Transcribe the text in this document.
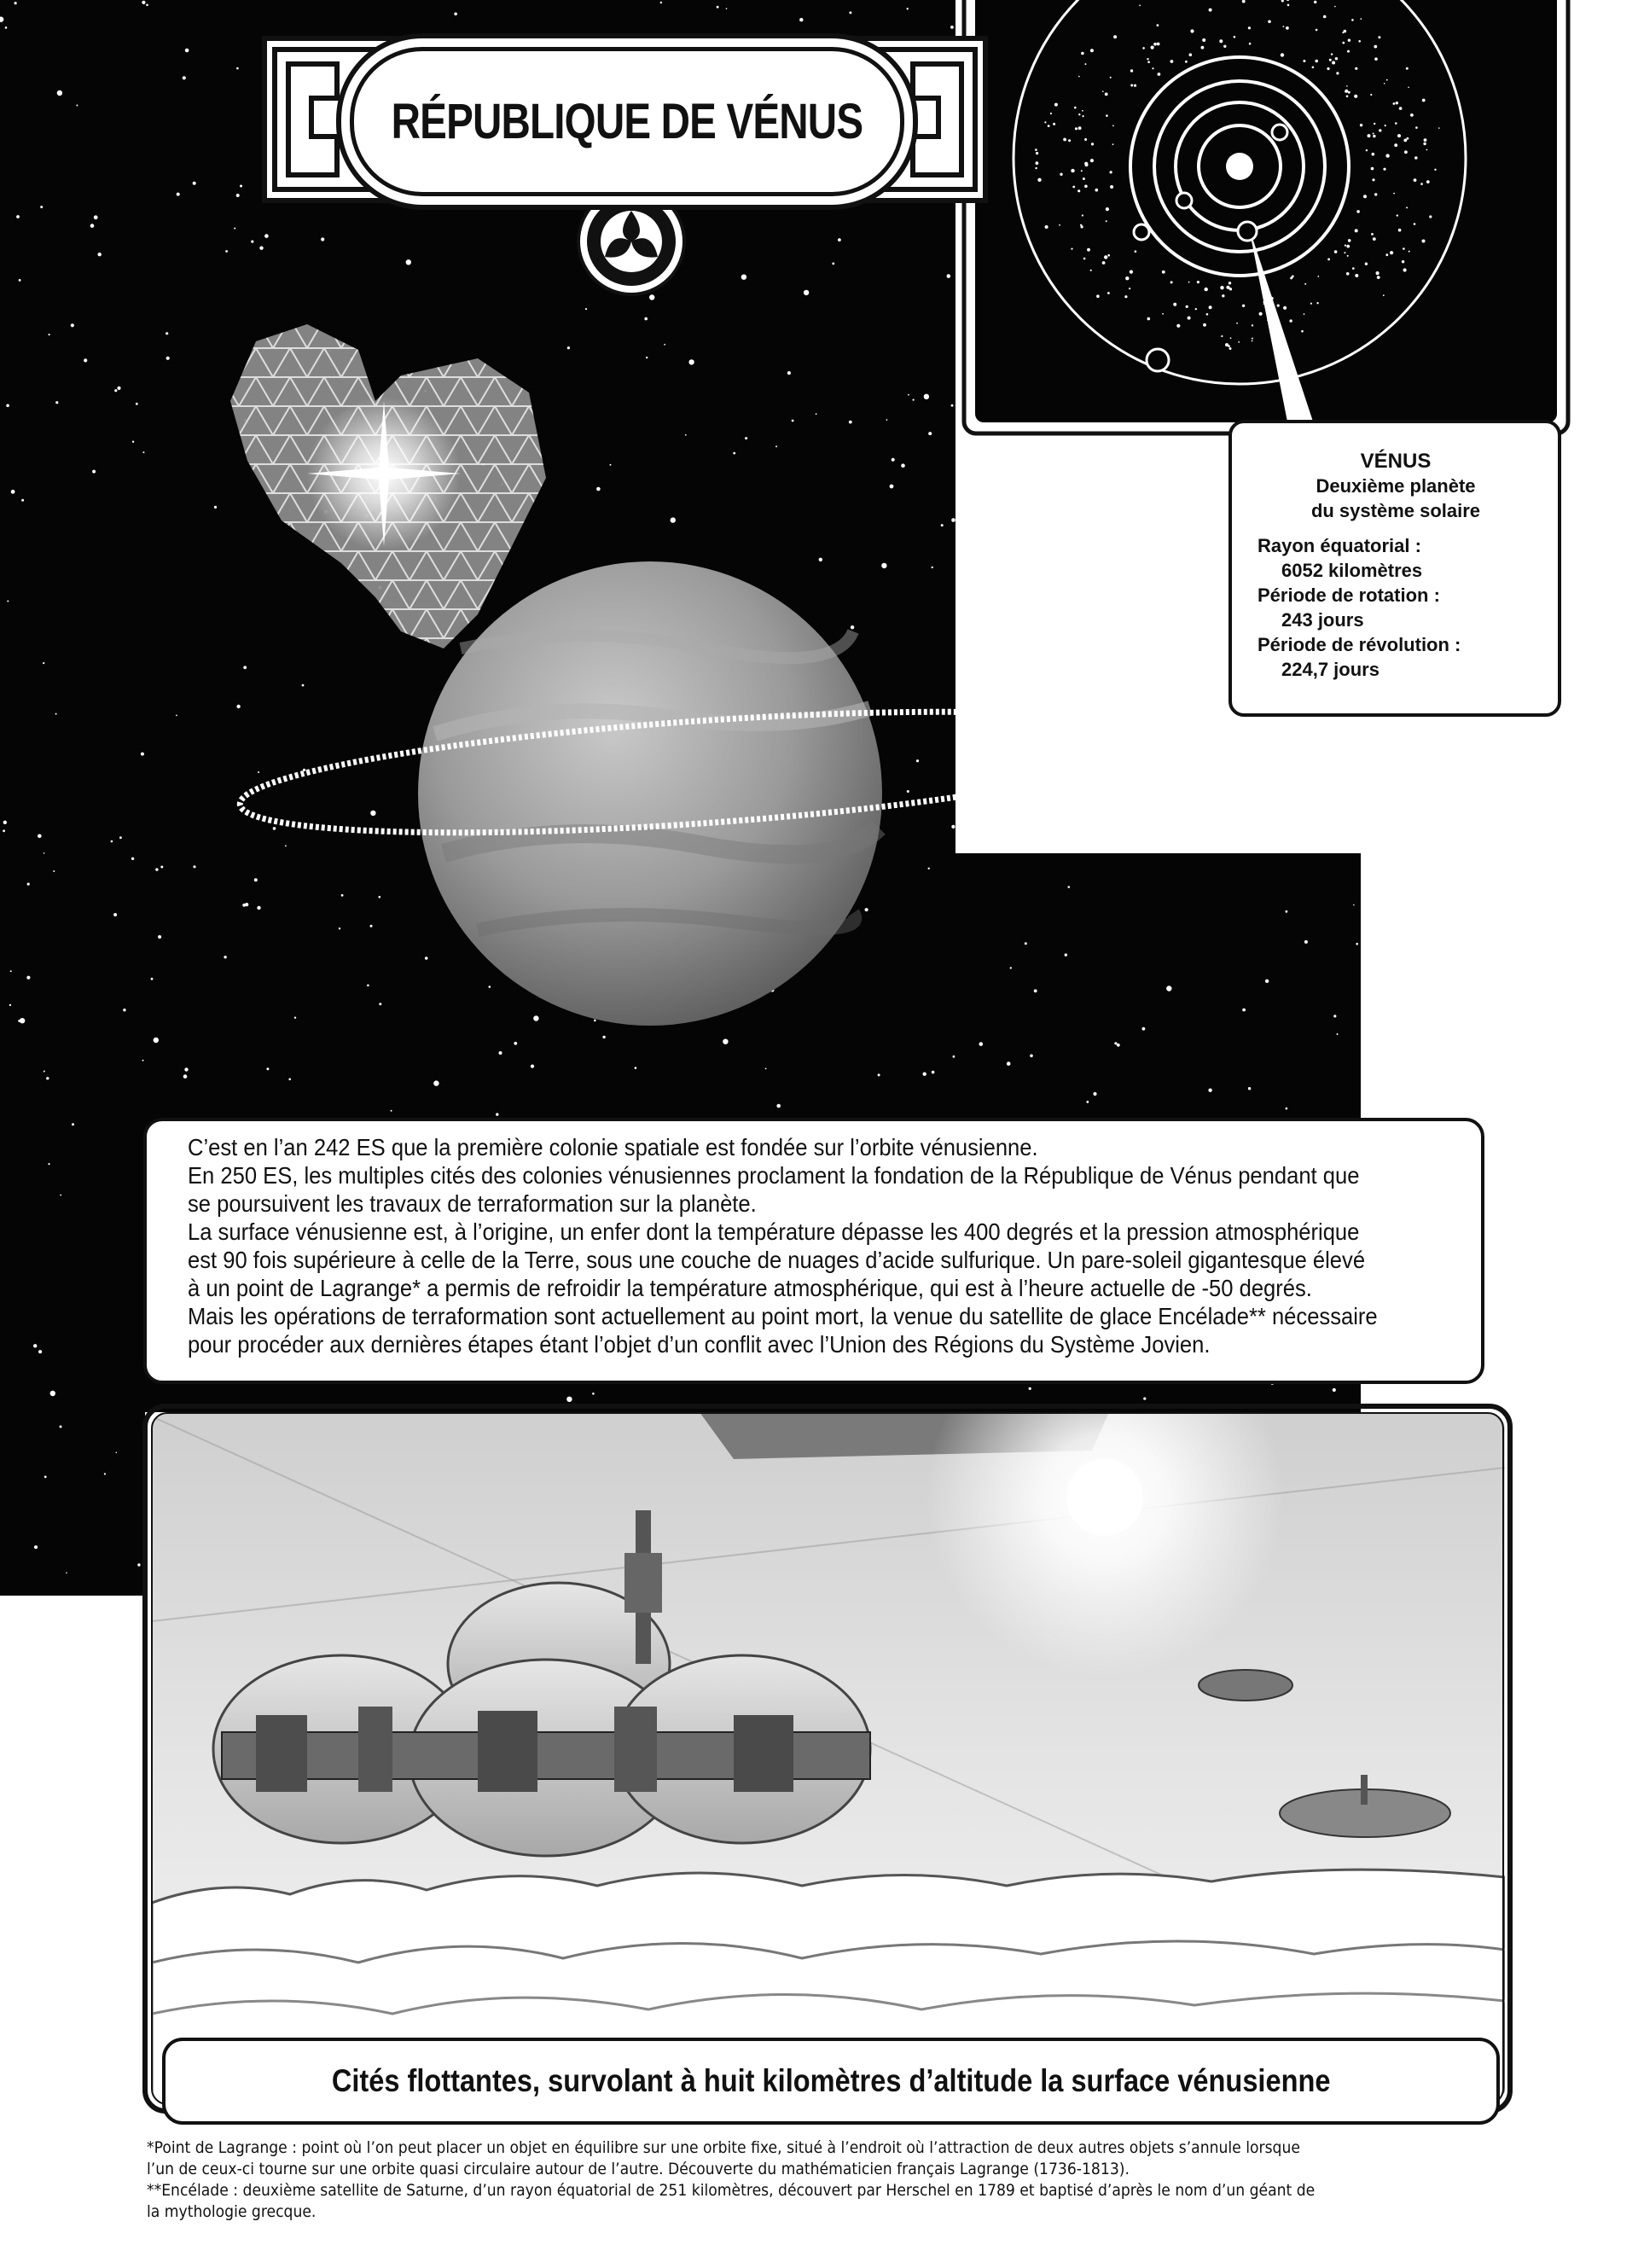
RÉPUBLIQUE DE VÉNUS
VÉNUS
Deuxième planète
du système solaire
Rayon équatorial :
6052 kilomètres
Période de rotation :
243 jours
Période de révolution :
224,7 jours

C’est en l’an 242 ES que la première colonie spatiale est fondée sur l’orbite vénusienne.

En 250 ES, les multiples cités des colonies vénusiennes proclament la fondation de la République de Vénus pendant que

se poursuivent les travaux de terraformation sur la planète.

La surface vénusienne est, à l’origine, un enfer dont la température dépasse les 400 degrés et la pression atmosphérique

est 90 fois supérieure à celle de la Terre, sous une couche de nuages d’acide sulfurique. Un pare-soleil gigantesque élevé

à un point de Lagrange* a permis de refroidir la température atmosphérique, qui est à l’heure actuelle de -50 degrés.

Mais les opérations de terraformation sont actuellement au point mort, la venue du satellite de glace Encélade** nécessaire

pour procéder aux dernières étapes étant l’objet d’un conflit avec l’Union des Régions du Système Jovien.

Cités flottantes, survolant à huit kilomètres d’altitude la surface vénusienne

*Point de Lagrange : point où l’on peut placer un objet en équilibre sur une orbite fixe, situé à l’endroit où l’attraction de deux autres objets s’annule lorsque

l’un de ceux-ci tourne sur une orbite quasi circulaire autour de l’autre. Découverte du mathématicien français Lagrange (1736-1813).

**Encélade : deuxième satellite de Saturne, d’un rayon équatorial de 251 kilomètres, découvert par Herschel en 1789 et baptisé d’après le nom d’un géant de

la mythologie grecque.
